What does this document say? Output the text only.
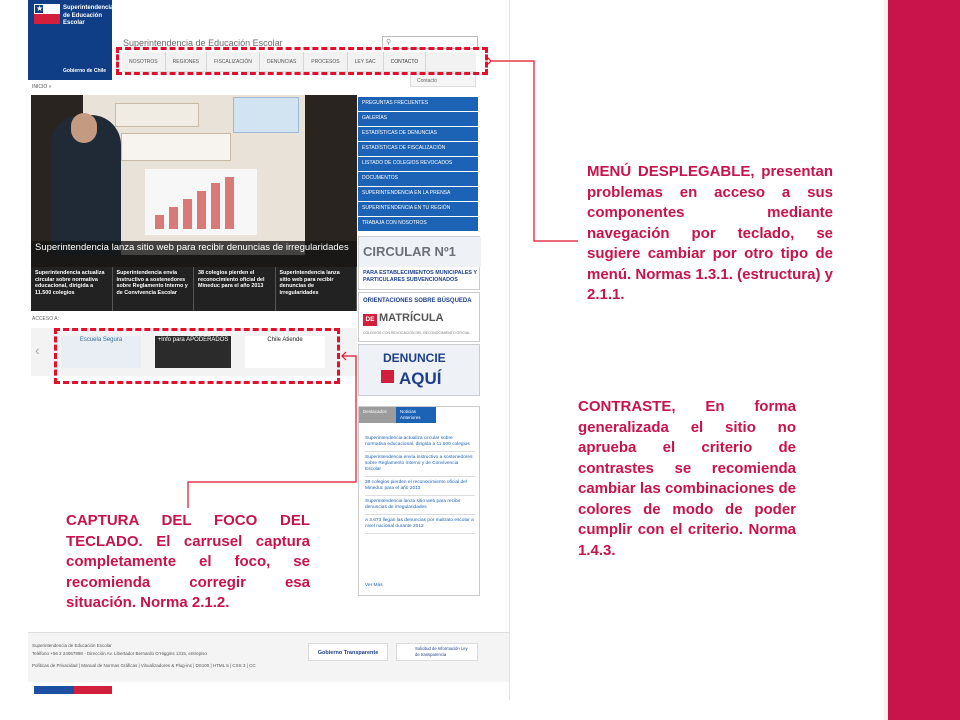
★	Superintendencia de Educación Escolar
Gobierno de Chile
Superintendencia de Educación Escolar	⚲
NOSOTROS	REGIONES	FISCALIZACIÓN	DENUNCIAS	PROCESOS	LEY SAC	CONTACTO
Contacto
INICIO »
Superintendencia lanza sitio web para recibir denuncias de irregularidades
Superintendencia actualiza circular sobre normativa educacional, dirigida a 11.500 colegios
Superintendencia envía instructivo a sostenedores sobre Reglamento Interno y de Convivencia Escolar
38 colegios pierden el reconocimiento oficial del Mineduc para el año 2013
Superintendencia lanza sitio web para recibir denuncias de irregularidades
ACCESO A:
‹
Escuela Segura	+Info para APODERADOS	Chile Atiende
PREGUNTAS FRECUENTES
GALERÍAS
ESTADÍSTICAS DE DENUNCIAS
ESTADÍSTICAS DE FISCALIZACIÓN
LISTADO DE COLEGIOS REVOCADOS
DOCUMENTOS
SUPERINTENDENCIA EN LA PRENSA
SUPERINTENDENCIA EN TU REGIÓN
TRABAJA CON NOSOTROS
CIRCULAR Nº1
PARA ESTABLECIMIENTOS MUNICIPALES Y PARTICULARES SUBVENCIONADOS
ORIENTACIONES SOBRE BÚSQUEDA
DE MATRÍCULA
COLEGIOS CON REVOCACIÓN DEL RECONOCIMIENTO OFICIAL
DENUNCIE
AQUÍ
Destacados	Noticias Anteriores
Superintendencia actualiza circular sobre normativa educacional, dirigida a 11.500 colegios
Superintendencia envía instructivo a sostenedores sobre Reglamento Interno y de Convivencia Escolar
38 colegios pierden el reconocimiento oficial del Mineduc para el año 2013
Superintendencia lanza sitio web para recibir denuncias de irregularidades
A 3.673 llegan las denuncias por maltrato escolar a nivel nacional durante 2012
Ver Más
Superintendencia de Educación Escolar
Teléfono +56 2 24067998 - Dirección Av. Libertador Bernardo O'Higgins 1315, entrepiso
Políticas de Privacidad | Manual de Normas Gráficas | Visualizadores & Plug-ins | DS100 | HTML 5 | CSS 3 | CC
Gobierno Transparente
Solicitud de Información Ley de transparencia
MENÚ DESPLEGABLE, presentan problemas en acceso a sus componentes mediante navegación por teclado, se sugiere cambiar por otro tipo de menú. Normas 1.3.1. (estructura) y 2.1.1.
CONTRASTE, En forma generalizada el sitio no aprueba el criterio de contrastes se recomienda cambiar las combinaciones de colores de modo de poder cumplir con el criterio. Norma 1.4.3.
CAPTURA DEL FOCO DEL TECLADO. El carrusel captura completamente el foco, se recomienda corregir esa situación. Norma 2.1.2.
